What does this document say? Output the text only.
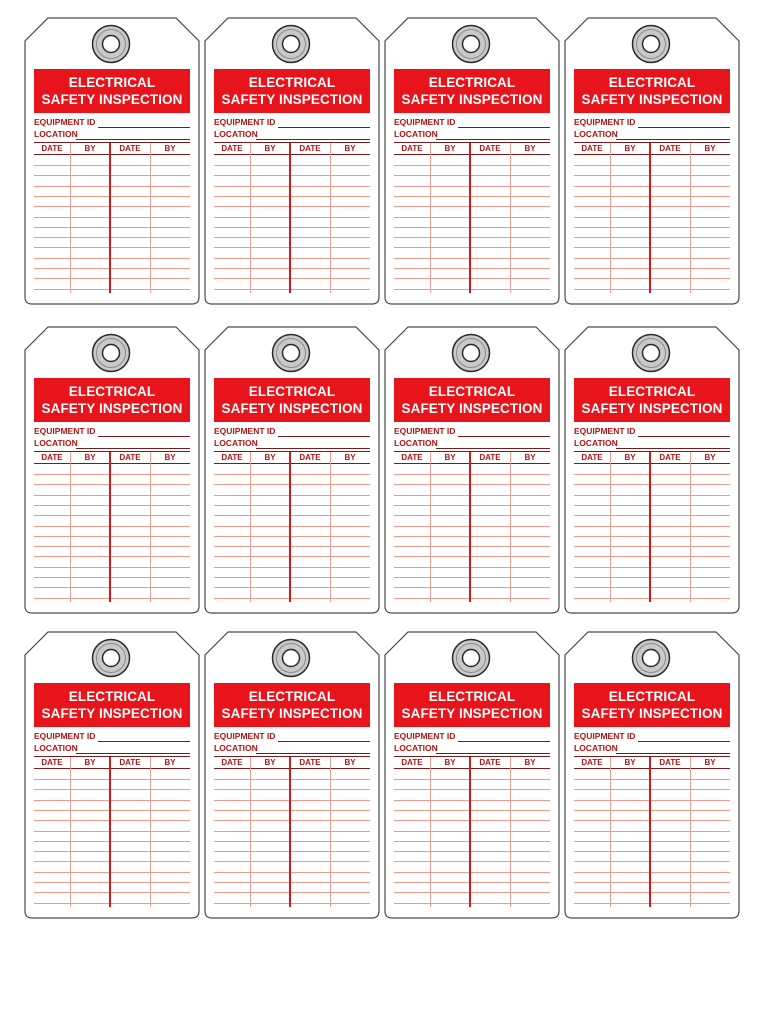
ELECTRICAL
SAFETY INSPECTION
EQUIPMENT ID
LOCATION
DATE	BY	DATE	BY
ELECTRICAL
SAFETY INSPECTION
EQUIPMENT ID
LOCATION
DATE	BY	DATE	BY
ELECTRICAL
SAFETY INSPECTION
EQUIPMENT ID
LOCATION
DATE	BY	DATE	BY
ELECTRICAL
SAFETY INSPECTION
EQUIPMENT ID
LOCATION
DATE	BY	DATE	BY
ELECTRICAL
SAFETY INSPECTION
EQUIPMENT ID
LOCATION
DATE	BY	DATE	BY
ELECTRICAL
SAFETY INSPECTION
EQUIPMENT ID
LOCATION
DATE	BY	DATE	BY
ELECTRICAL
SAFETY INSPECTION
EQUIPMENT ID
LOCATION
DATE	BY	DATE	BY
ELECTRICAL
SAFETY INSPECTION
EQUIPMENT ID
LOCATION
DATE	BY	DATE	BY
ELECTRICAL
SAFETY INSPECTION
EQUIPMENT ID
LOCATION
DATE	BY	DATE	BY
ELECTRICAL
SAFETY INSPECTION
EQUIPMENT ID
LOCATION
DATE	BY	DATE	BY
ELECTRICAL
SAFETY INSPECTION
EQUIPMENT ID
LOCATION
DATE	BY	DATE	BY
ELECTRICAL
SAFETY INSPECTION
EQUIPMENT ID
LOCATION
DATE	BY	DATE	BY
